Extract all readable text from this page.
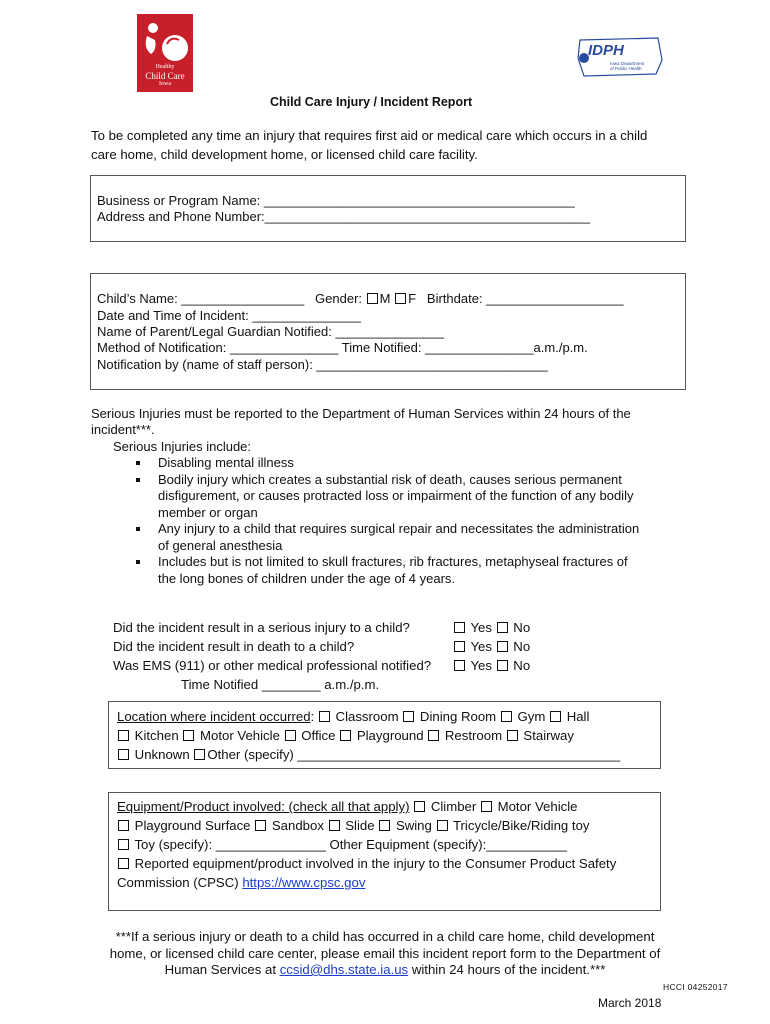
Healthy
Child Care
Iowa
IDPH
Iowa Department
of Public Health
Child Care Injury / Incident Report
To be completed any time an injury that requires first aid or medical care which occurs in a child
care home, child development home, or licensed child care facility.
Business or Program Name: ___________________________________________
Address and Phone Number:_____________________________________________
Child’s Name: _________________ Gender: M F Birthdate: ___________________
Date and Time of Incident: _______________
Name of Parent/Legal Guardian Notified: _______________
Method of Notification: _______________ Time Notified: _______________a.m./p.m.
Notification by (name of staff person): ________________________________
Serious Injuries must be reported to the Department of Human Services within 24 hours of the
incident***.
Serious Injuries include:
Disabling mental illness
Bodily injury which creates a substantial risk of death, causes serious permanent
disfigurement, or causes protracted loss or impairment of the function of any bodily
member or organ
Any injury to a child that requires surgical repair and necessitates the administration
of general anesthesia
Includes but is not limited to skull fractures, rib fractures, metaphyseal fractures of
the long bones of children under the age of 4 years.
Did the incident result in a serious injury to a child?	Yes No
Did the incident result in death to a child?	Yes No
Was EMS (911) or other medical professional notified?	Yes No
Time Notified ________ a.m./p.m.
Location where incident occurred: Classroom Dining Room Gym Hall
Kitchen Motor Vehicle Office Playground Restroom Stairway
Unknown Other (specify) ____________________________________________
Equipment/Product involved: (check all that apply) Climber Motor Vehicle
Playground Surface Sandbox Slide Swing Tricycle/Bike/Riding toy
Toy (specify): _______________ Other Equipment (specify):___________
Reported equipment/product involved in the injury to the Consumer Product Safety
Commission (CPSC) https://www.cpsc.gov
***If a serious injury or death to a child has occurred in a child care home, child development
home, or licensed child care center, please email this incident report form to the Department of
Human Services at ccsid@dhs.state.ia.us within 24 hours of the incident.***
HCCI 04252017
March 2018
